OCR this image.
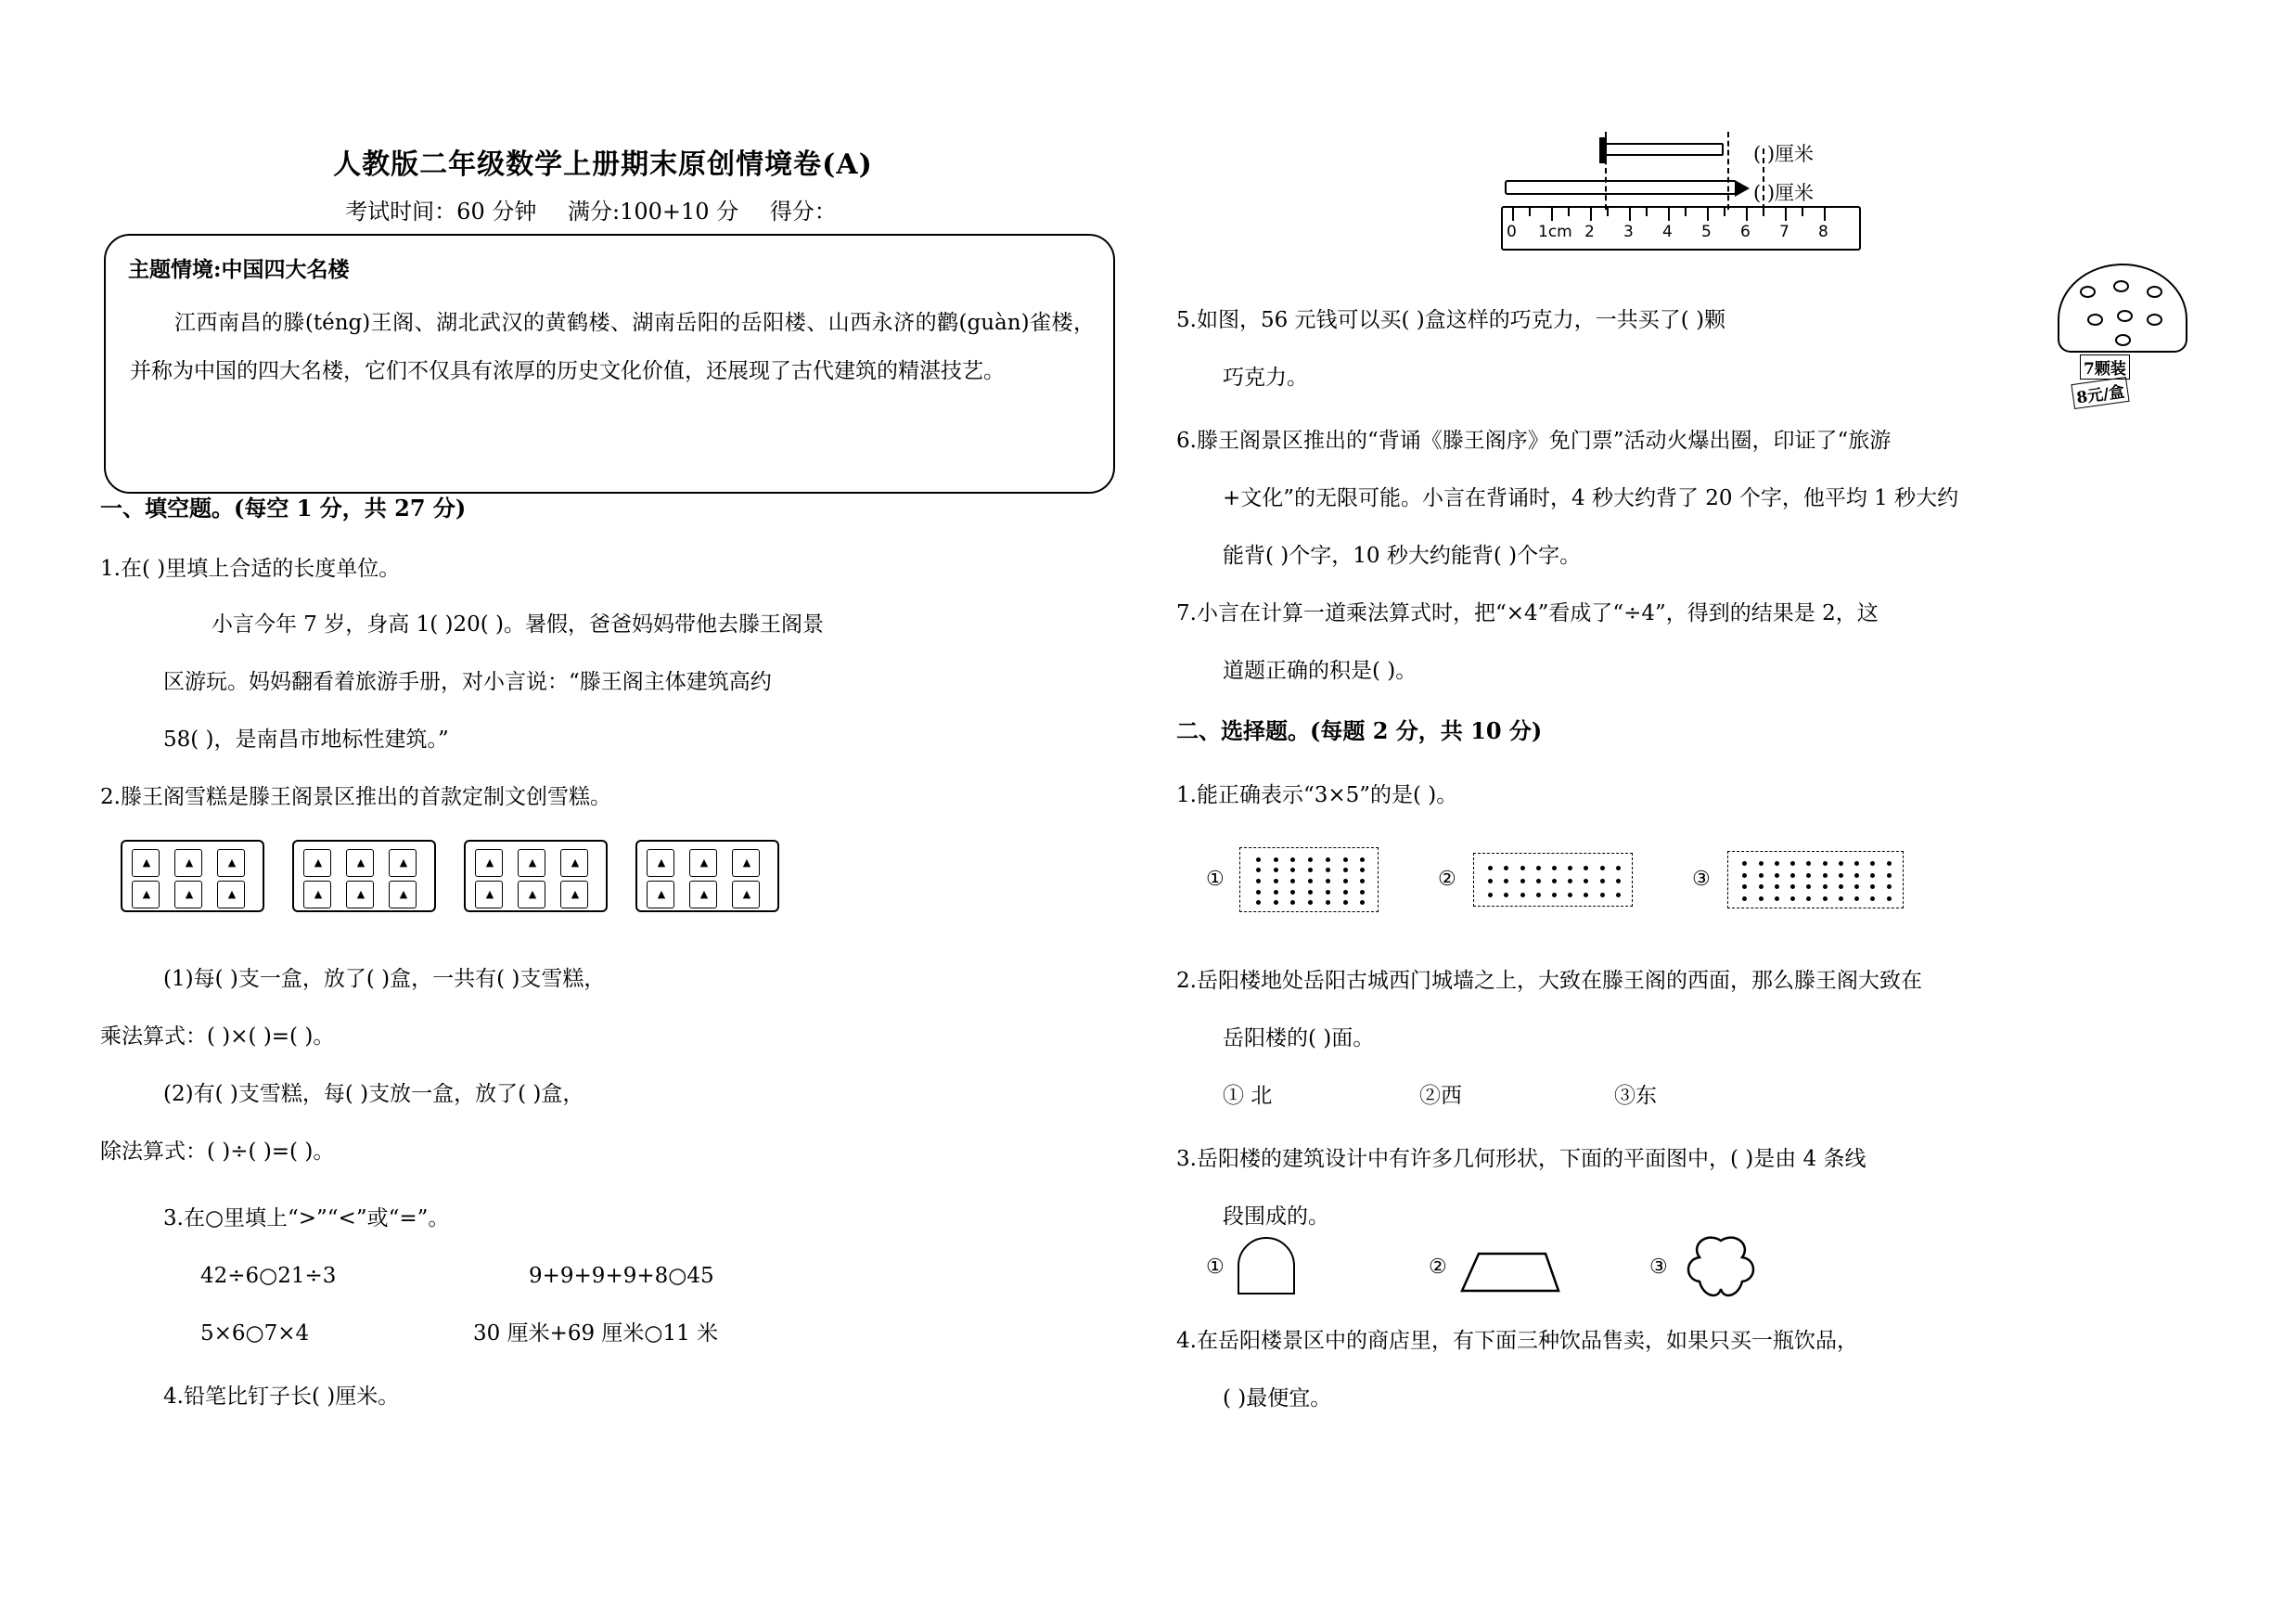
人教版二年级数学上册期末原创情境卷(A)
考试时间：60 分钟 满分:100+10 分 得分：
主题情境:中国四大名楼
江西南昌的滕(téng)王阁、湖北武汉的黄鹤楼、湖南岳阳的岳阳楼、山西永济的鹳(guàn)雀楼，并称为中国的四大名楼，它们不仅具有浓厚的历史文化价值，还展现了古代建筑的精湛技艺。
一、填空题。(每空 1 分，共 27 分)
1.在( )里填上合适的长度单位。
小言今年 7 岁，身高 1( )20( )。暑假，爸爸妈妈带他去滕王阁景
区游玩。妈妈翻看着旅游手册，对小言说：“滕王阁主体建筑高约
58( )，是南昌市地标性建筑。”
2.滕王阁雪糕是滕王阁景区推出的首款定制文创雪糕。
▲	▲	▲
▲	▲	▲
▲	▲	▲
▲	▲	▲
▲	▲	▲
▲	▲	▲
▲	▲	▲
▲	▲	▲
(1)每( )支一盒，放了( )盒，一共有( )支雪糕，
乘法算式：( )×( )=( )。
(2)有( )支雪糕，每( )支放一盒，放了( )盒，
除法算式：( )÷( )=( )。
3.在○里填上“>”“<”或“=”。
42÷6○21÷3	9+9+9+9+8○45
5×6○7×4	30 厘米+69 厘米○11 米
4.铅笔比钉子长( )厘米。
0 1cm 2 3 4 5 6 7 8
( )厘米
( )厘米
7颗装
8元/盒
5.如图，56 元钱可以买( )盒这样的巧克力，一共买了( )颗
巧克力。
6.滕王阁景区推出的“背诵《滕王阁序》免门票”活动火爆出圈，印证了“旅游
+文化”的无限可能。小言在背诵时，4 秒大约背了 20 个字，他平均 1 秒大约
能背( )个字，10 秒大约能背( )个字。
7.小言在计算一道乘法算式时，把“×4”看成了“÷4”，得到的结果是 2，这
道题正确的积是( )。
二、选择题。(每题 2 分，共 10 分)
1.能正确表示“3×5”的是( )。
①	②	③
2.岳阳楼地处岳阳古城西门城墙之上，大致在滕王阁的西面，那么滕王阁大致在
岳阳楼的( )面。
① 北	②西	③东
3.岳阳楼的建筑设计中有许多几何形状，下面的平面图中，( )是由 4 条线
段围成的。
①	②	③
4.在岳阳楼景区中的商店里，有下面三种饮品售卖，如果只买一瓶饮品，
( )最便宜。
